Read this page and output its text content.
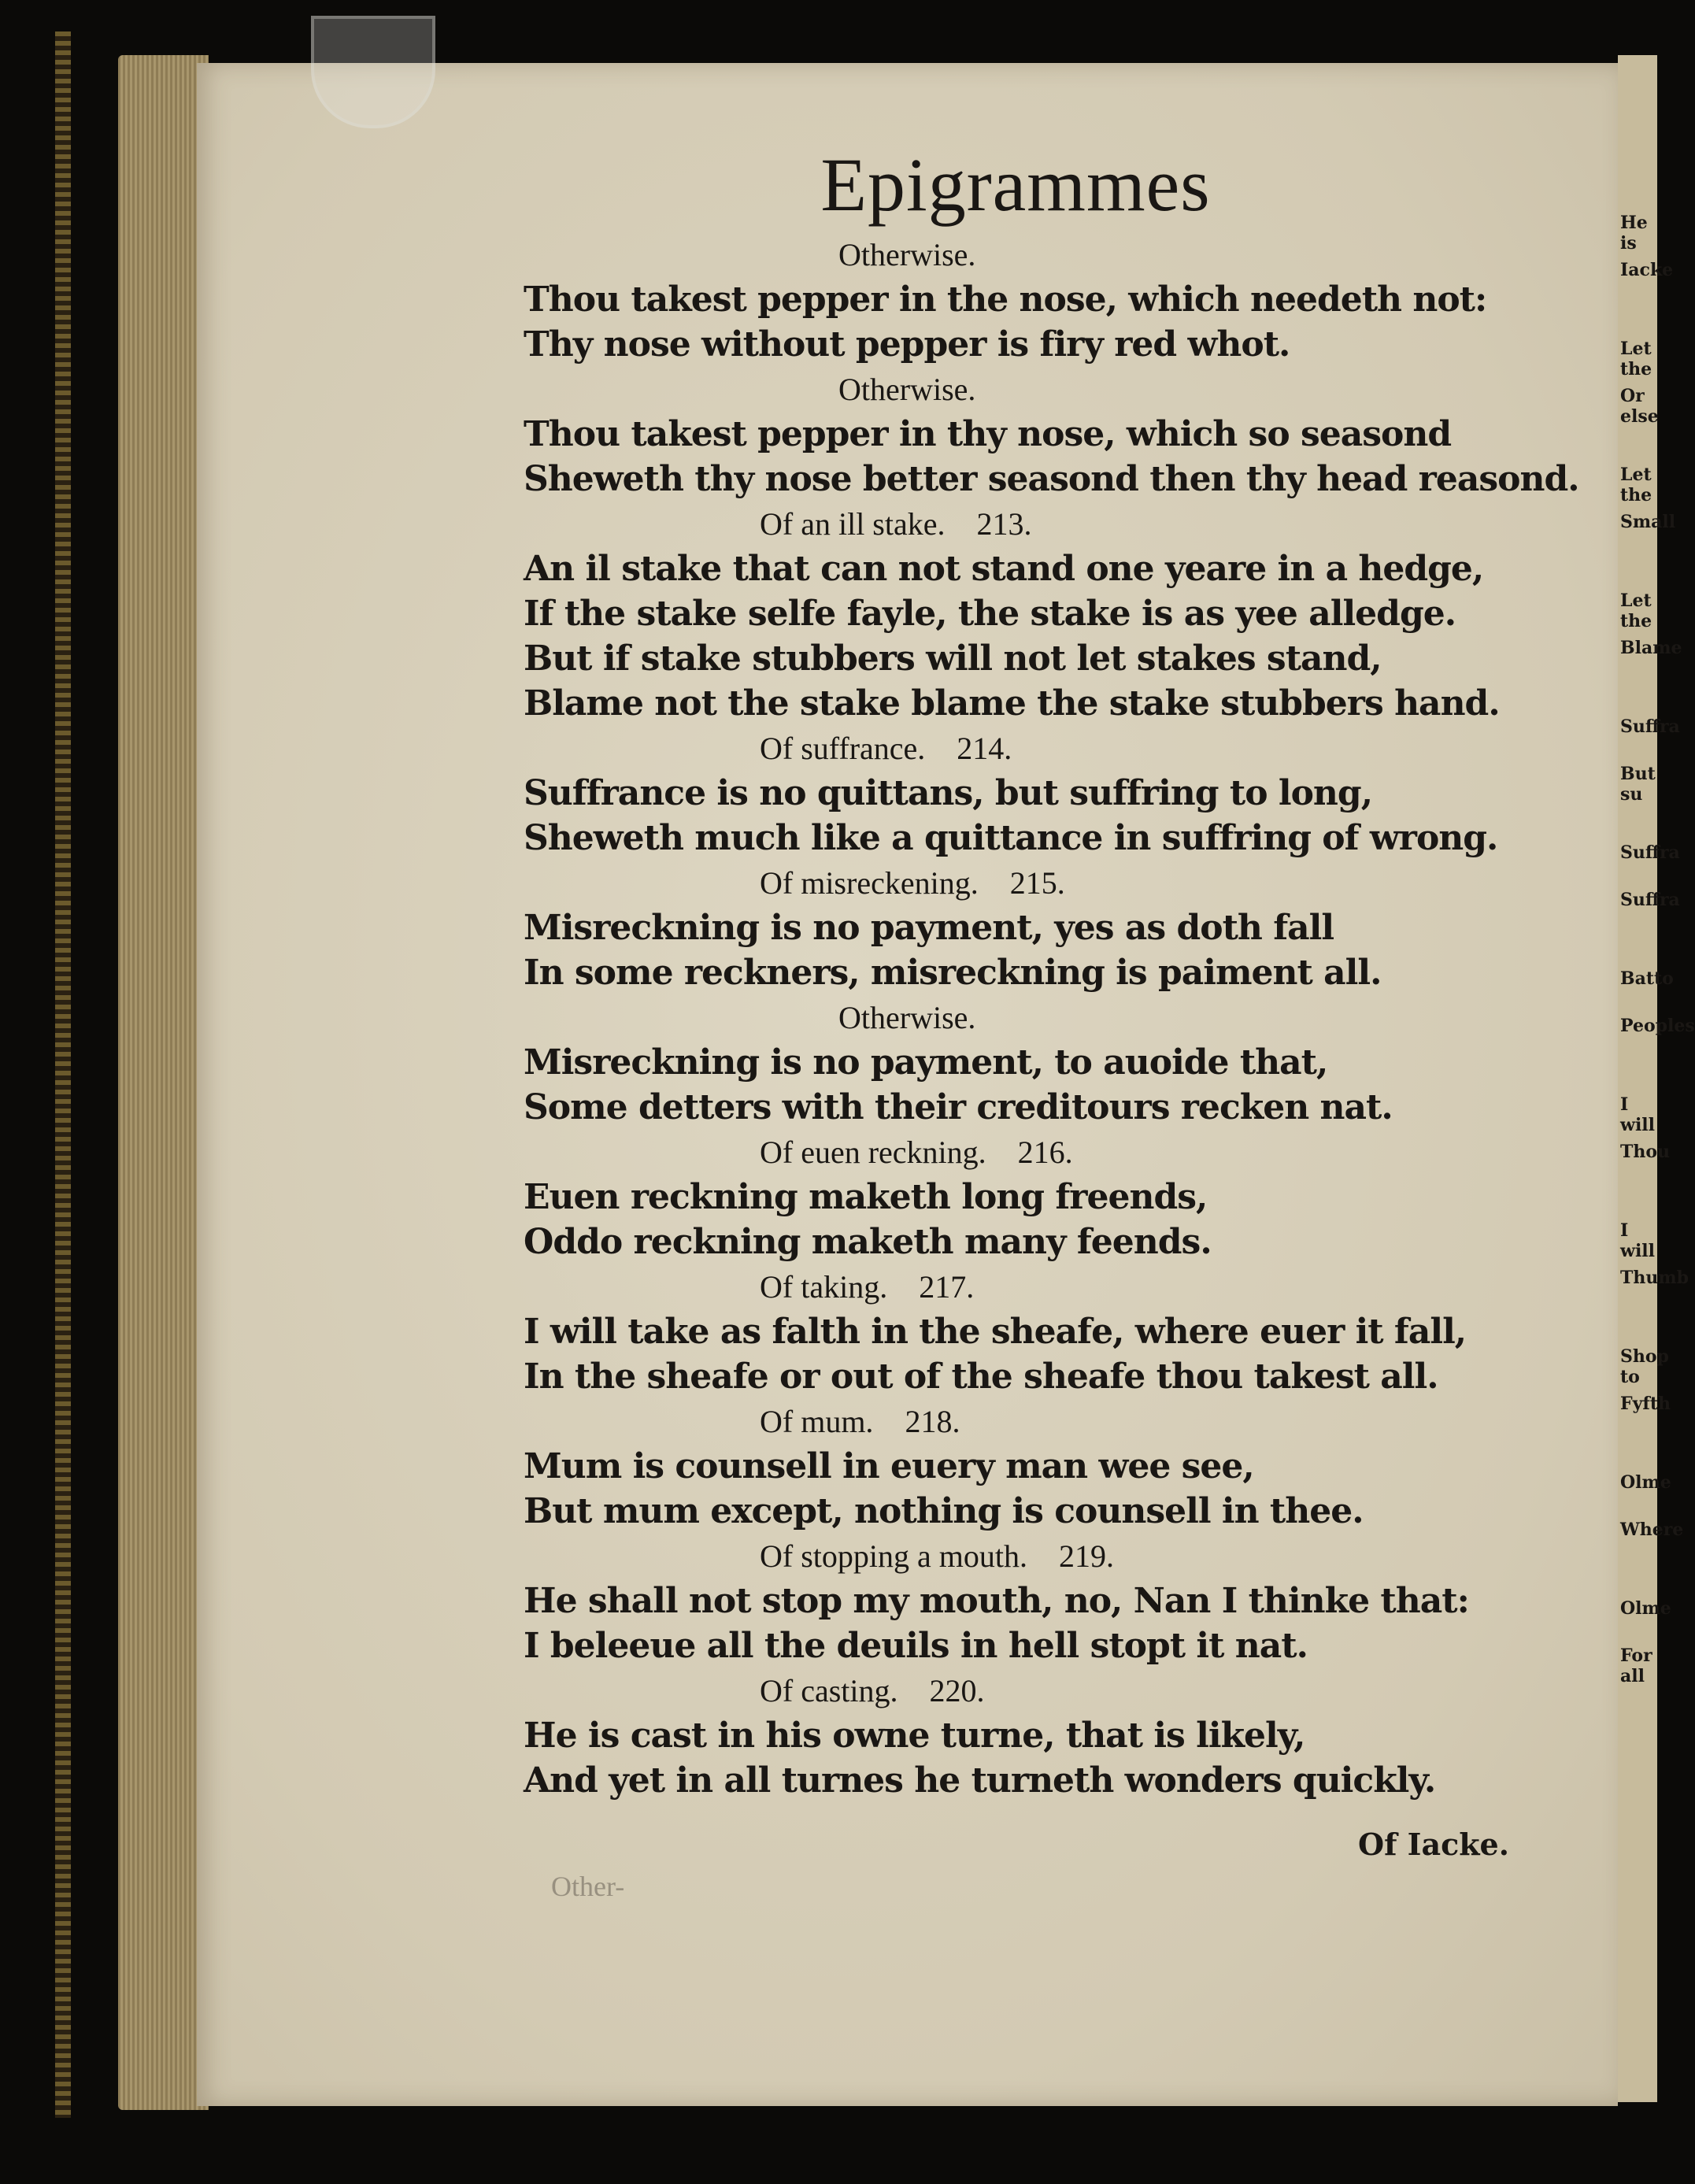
Epigrammes
Otherwise.
Thou takest pepper in the nose, which needeth not:
Thy nose without pepper is firy red whot.
Otherwise.
Thou takest pepper in thy nose, which so seasond
Sheweth thy nose better seasond then thy head reasond.
Of an ill stake. 213.
An il stake that can not stand one yeare in a hedge,
If the stake selfe fayle, the stake is as yee alledge.
But if stake stubbers will not let stakes stand,
Blame not the stake blame the stake stubbers hand.
Of suffrance. 214.
Suffrance is no quittans, but suffring to long,
Sheweth much like a quittance in suffring of wrong.
Of misreckening. 215.
Misreckning is no payment, yes as doth fall
In some reckners, misreckning is paiment all.
Otherwise.
Misreckning is no payment, to auoide that,
Some detters with their creditours recken nat.
Of euen reckning. 216.
Euen reckning maketh long freends,
Oddo reckning maketh many feends.
Of taking. 217.
I will take as falth in the sheafe, where euer it fall,
In the sheafe or out of the sheafe thou takest all.
Of mum. 218.
Mum is counsell in euery man wee see,
But mum except, nothing is counsell in thee.
Of stopping a mouth. 219.
He shall not stop my mouth, no, Nan I thinke that:
I beleeue all the deuils in hell stopt it nat.
Of casting. 220.
He is cast in his owne turne, that is likely,
And yet in all turnes he turneth wonders quickly.
Of Iacke.
Other-
He is
Iacke
Let the
Or else
Let the
Small
Let the
Blame
Suffra
But su
Suffra
Suffra
Batto
Peoples
I will
Thou
I will
Thumb
Shop to
Fyfth
Olme
Where
Olme
For all
